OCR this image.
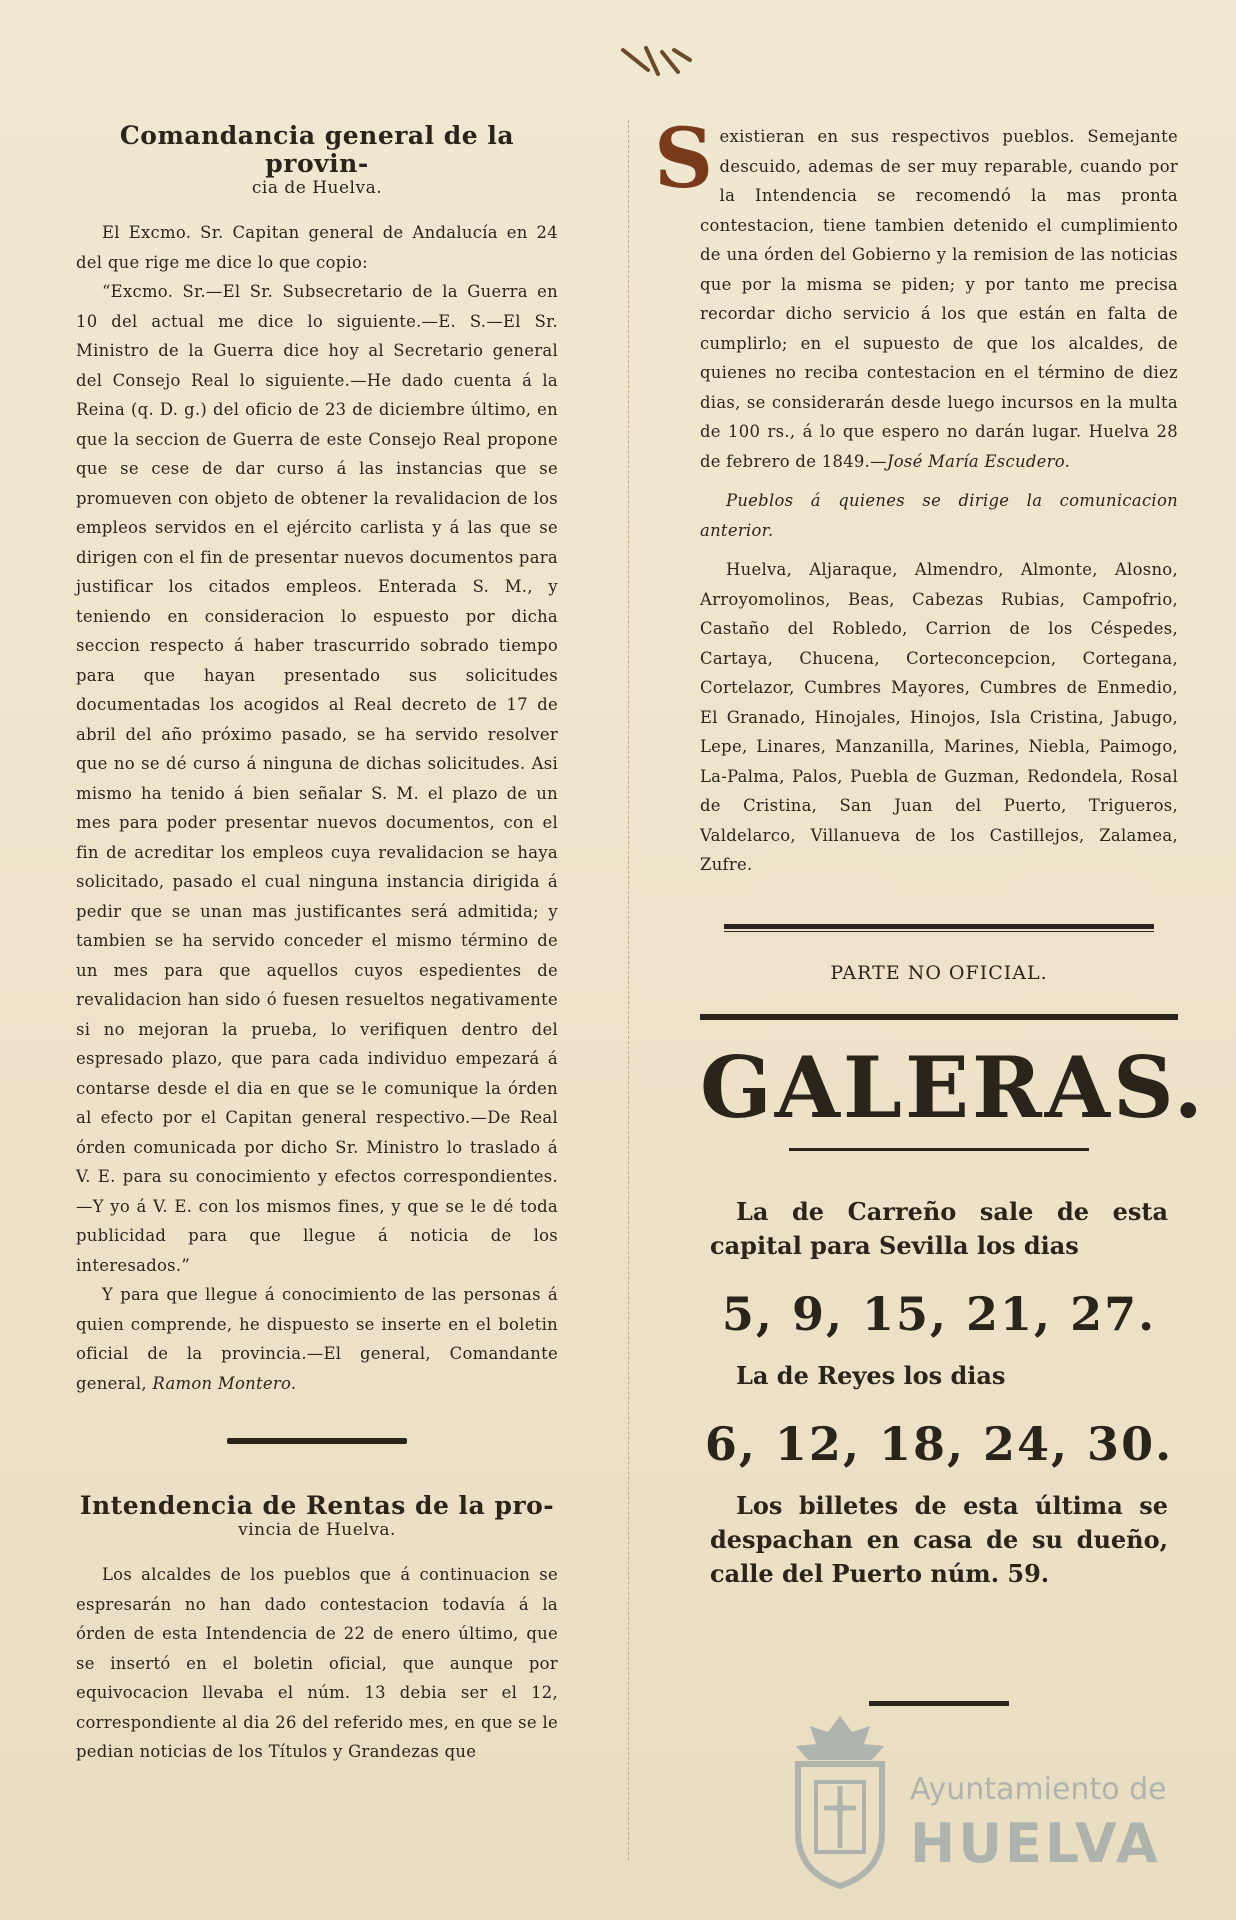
Comandancia general de la provin-
cia de Huelva.

El Excmo. Sr. Capitan general de Andalucía en 24 del que rige me dice lo que copio:

“Excmo. Sr.—El Sr. Subsecretario de la Guerra en 10 del actual me dice lo siguiente.—E. S.—El Sr. Ministro de la Guerra dice hoy al Secretario general del Consejo Real lo siguiente.—He dado cuenta á la Reina (q. D. g.) del oficio de 23 de diciembre último, en que la seccion de Guerra de este Consejo Real propone que se cese de dar curso á las instancias que se promueven con objeto de obtener la revalidacion de los empleos servidos en el ejército carlista y á las que se dirigen con el fin de presentar nuevos documentos para justificar los citados empleos. Enterada S. M., y teniendo en consideracion lo espuesto por dicha seccion respecto á haber trascurrido sobrado tiempo para que hayan presentado sus solicitudes documentadas los acogidos al Real decreto de 17 de abril del año próximo pasado, se ha servido resolver que no se dé curso á ninguna de dichas solicitudes. Asi mismo ha tenido á bien señalar S. M. el plazo de un mes para poder presentar nuevos documentos, con el fin de acreditar los empleos cuya revalidacion se haya solicitado, pasado el cual ninguna instancia dirigida á pedir que se unan mas justificantes será admitida; y tambien se ha servido conceder el mismo término de un mes para que aquellos cuyos espedientes de revalidacion han sido ó fuesen resueltos negativamente si no mejoran la prueba, lo verifiquen dentro del espresado plazo, que para cada individuo empezará á contarse desde el dia en que se le comunique la órden al efecto por el Capitan general respectivo.—De Real órden comunicada por dicho Sr. Ministro lo traslado á V. E. para su conocimiento y efectos correspondientes.—Y yo á V. E. con los mismos fines, y que se le dé toda publicidad para que llegue á noticia de los interesados.”

Y para que llegue á conocimiento de las personas á quien comprende, he dispuesto se inserte en el boletin oficial de la provincia.—El general, Comandante general, Ramon Montero.

Intendencia de Rentas de la pro-
vincia de Huelva.

Los alcaldes de los pueblos que á continuacion se espresarán no han dado contestacion todavía á la órden de esta Intendencia de 22 de enero último, que se insertó en el boletin oficial, que aunque por equivocacion llevaba el núm. 13 debia ser el 12, correspondiente al dia 26 del referido mes, en que se le pedian noticias de los Títulos y Grandezas que

Sexistieran en sus respectivos pueblos. Semejante descuido, ademas de ser muy reparable, cuando por la Intendencia se recomendó la mas pronta contestacion, tiene tambien detenido el cumplimiento de una órden del Gobierno y la remision de las noticias que por la misma se piden; y por tanto me precisa recordar dicho servicio á los que están en falta de cumplirlo; en el supuesto de que los alcaldes, de quienes no reciba contestacion en el término de diez dias, se considerarán desde luego incursos en la multa de 100 rs., á lo que espero no darán lugar. Huelva 28 de febrero de 1849.—José María Escudero.

Pueblos á quienes se dirige la comunicacion anterior.

Huelva, Aljaraque, Almendro, Almonte, Alosno, Arroyomolinos, Beas, Cabezas Rubias, Campofrio, Castaño del Robledo, Carrion de los Céspedes, Cartaya, Chucena, Corteconcepcion, Cortegana, Cortelazor, Cumbres Mayores, Cumbres de Enmedio, El Granado, Hinojales, Hinojos, Isla Cristina, Jabugo, Lepe, Linares, Manzanilla, Marines, Niebla, Paimogo, La-Palma, Palos, Puebla de Guzman, Redondela, Rosal de Cristina, San Juan del Puerto, Trigueros, Valdelarco, Villanueva de los Castillejos, Zalamea, Zufre.

PARTE NO OFICIAL.
GALERAS.

La de Carreño sale de esta capital para Sevilla los dias

5, 9, 15, 21, 27.

La de Reyes los dias

6, 12, 18, 24, 30.

Los billetes de esta última se despachan en casa de su dueño, calle del Puerto núm. 59.

Ayuntamiento de
HUELVA
